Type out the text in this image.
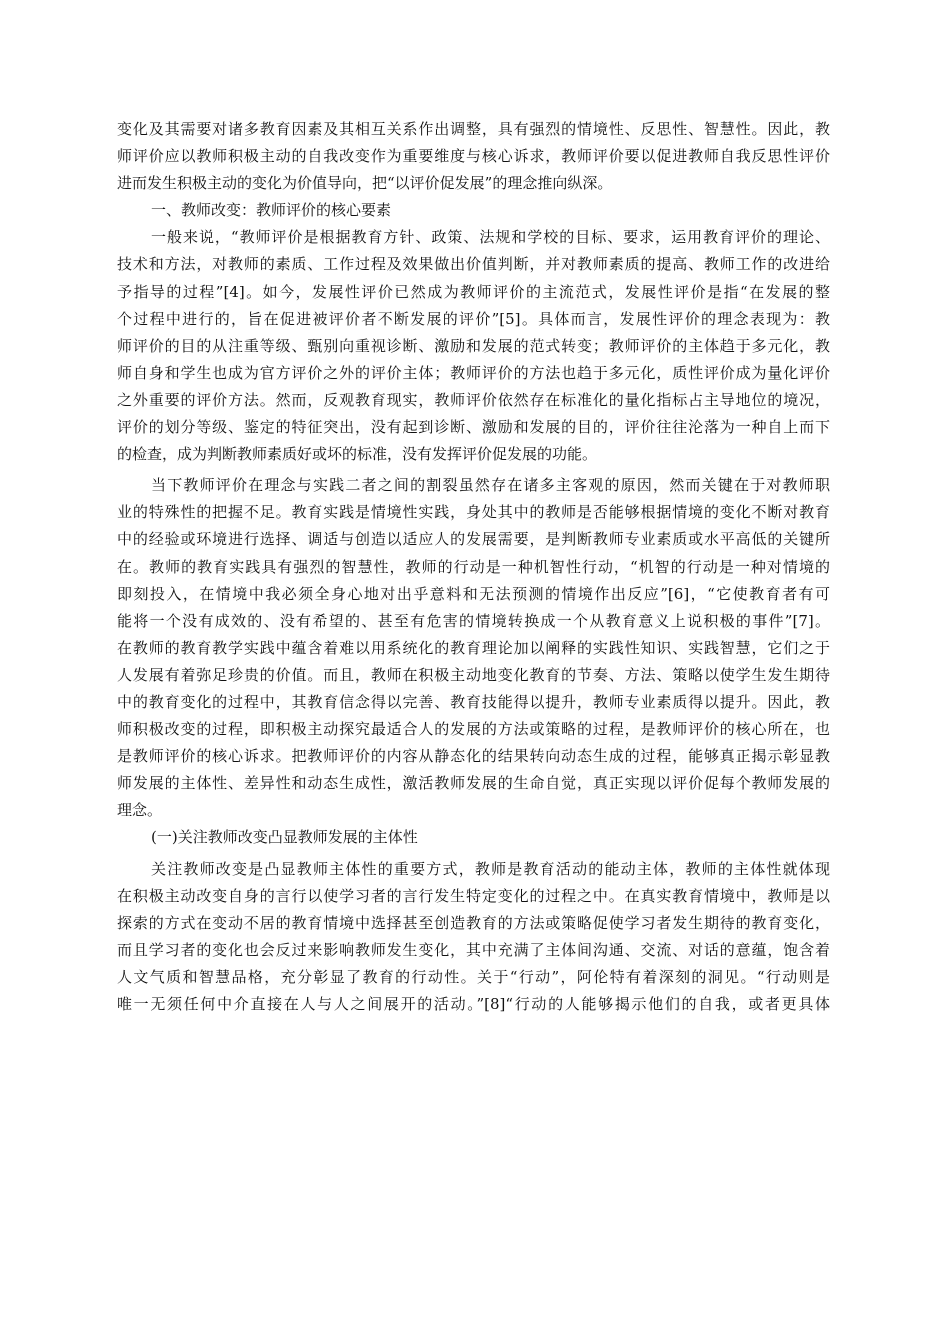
变化及其需要对诸多教育因素及其相互关系作出调整，具有强烈的情境性、反思性、智慧性。因此，教
师评价应以教师积极主动的自我改变作为重要维度与核心诉求，教师评价要以促进教师自我反思性评价
进而发生积极主动的变化为价值导向，把“以评价促发展”的理念推向纵深。
一、教师改变：教师评价的核心要素
一般来说，“教师评价是根据教育方针、政策、法规和学校的目标、要求，运用教育评价的理论、
技术和方法，对教师的素质、工作过程及效果做出价值判断，并对教师素质的提高、教师工作的改进给
予指导的过程”[4]。如今，发展性评价已然成为教师评价的主流范式，发展性评价是指“在发展的整
个过程中进行的，旨在促进被评价者不断发展的评价”[5]。具体而言，发展性评价的理念表现为：教
师评价的目的从注重等级、甄别向重视诊断、激励和发展的范式转变；教师评价的主体趋于多元化，教
师自身和学生也成为官方评价之外的评价主体；教师评价的方法也趋于多元化，质性评价成为量化评价
之外重要的评价方法。然而，反观教育现实，教师评价依然存在标准化的量化指标占主导地位的境况，
评价的划分等级、鉴定的特征突出，没有起到诊断、激励和发展的目的，评价往往沦落为一种自上而下
的检查，成为判断教师素质好或坏的标准，没有发挥评价促发展的功能。
当下教师评价在理念与实践二者之间的割裂虽然存在诸多主客观的原因，然而关键在于对教师职
业的特殊性的把握不足。教育实践是情境性实践，身处其中的教师是否能够根据情境的变化不断对教育
中的经验或环境进行选择、调适与创造以适应人的发展需要，是判断教师专业素质或水平高低的关键所
在。教师的教育实践具有强烈的智慧性，教师的行动是一种机智性行动，“机智的行动是一种对情境的
即刻投入，在情境中我必须全身心地对出乎意料和无法预测的情境作出反应”[6]，“它使教育者有可
能将一个没有成效的、没有希望的、甚至有危害的情境转换成一个从教育意义上说积极的事件”[7]。
在教师的教育教学实践中蕴含着难以用系统化的教育理论加以阐释的实践性知识、实践智慧，它们之于
人发展有着弥足珍贵的价值。而且，教师在积极主动地变化教育的节奏、方法、策略以使学生发生期待
中的教育变化的过程中，其教育信念得以完善、教育技能得以提升，教师专业素质得以提升。因此，教
师积极改变的过程，即积极主动探究最适合人的发展的方法或策略的过程，是教师评价的核心所在，也
是教师评价的核心诉求。把教师评价的内容从静态化的结果转向动态生成的过程，能够真正揭示彰显教
师发展的主体性、差异性和动态生成性，激活教师发展的生命自觉，真正实现以评价促每个教师发展的
理念。
(一)关注教师改变凸显教师发展的主体性
关注教师改变是凸显教师主体性的重要方式，教师是教育活动的能动主体，教师的主体性就体现
在积极主动改变自身的言行以使学习者的言行发生特定变化的过程之中。在真实教育情境中，教师是以
探索的方式在变动不居的教育情境中选择甚至创造教育的方法或策略促使学习者发生期待的教育变化，
而且学习者的变化也会反过来影响教师发生变化，其中充满了主体间沟通、交流、对话的意蕴，饱含着
人文气质和智慧品格，充分彰显了教育的行动性。关于“行动”，阿伦特有着深刻的洞见。“行动则是
唯一无须任何中介直接在人与人之间展开的活动。”[8]“行动的人能够揭示他们的自我，或者更具体
